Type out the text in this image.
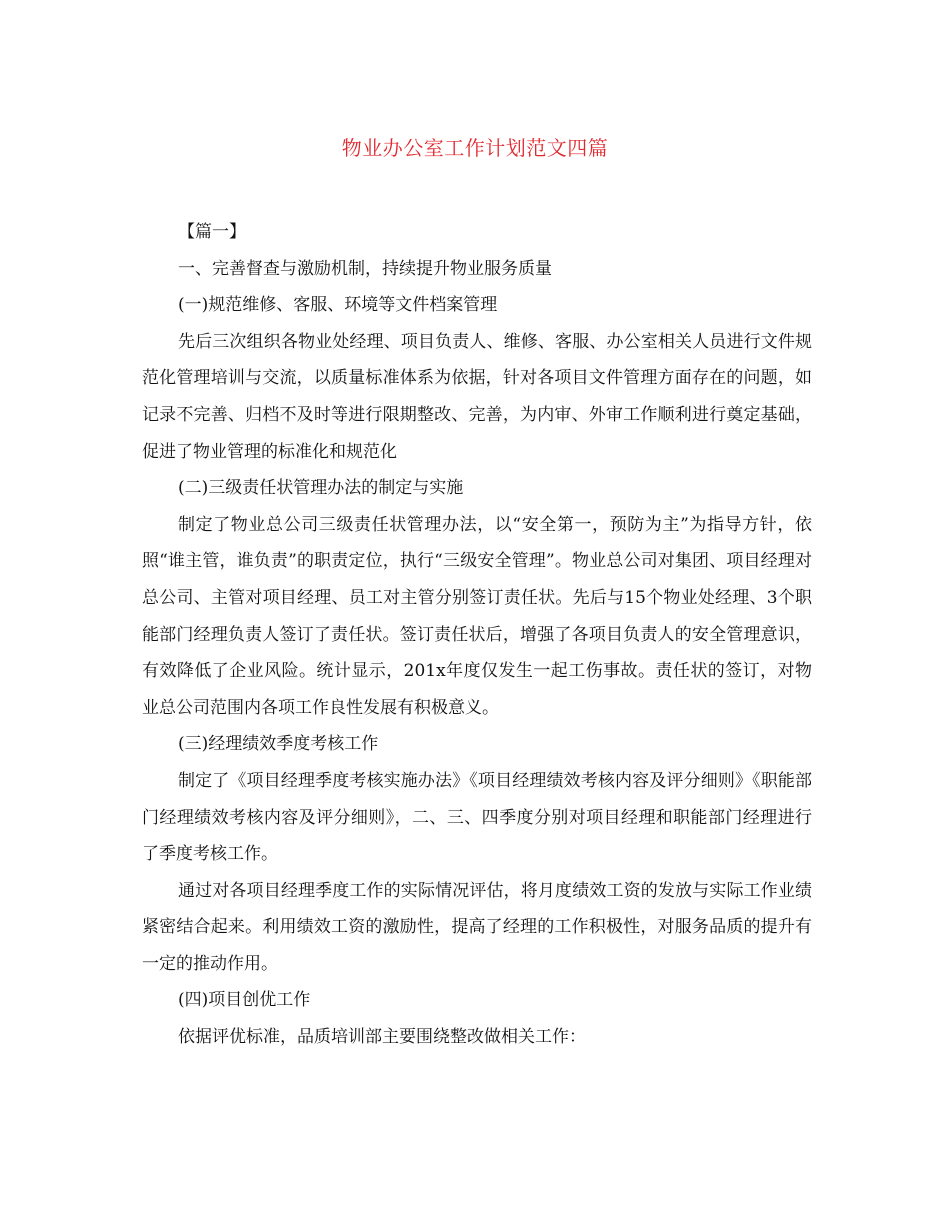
物业办公室工作计划范文四篇

【篇一】

一、完善督查与激励机制，持续提升物业服务质量

(一)规范维修、客服、环境等文件档案管理

先后三次组织各物业处经理、项目负责人、维修、客服、办公室相关人员进行文件规范化管理培训与交流，以质量标准体系为依据，针对各项目文件管理方面存在的问题，如记录不完善、归档不及时等进行限期整改、完善，为内审、外审工作顺利进行奠定基础，促进了物业管理的标准化和规范化

(二)三级责任状管理办法的制定与实施

制定了物业总公司三级责任状管理办法，以“安全第一，预防为主”为指导方针，依照“谁主管，谁负责”的职责定位，执行“三级安全管理”。物业总公司对集团、项目经理对总公司、主管对项目经理、员工对主管分别签订责任状。先后与15个物业处经理、3个职能部门经理负责人签订了责任状。签订责任状后，增强了各项目负责人的安全管理意识，有效降低了企业风险。统计显示，201x年度仅发生一起工伤事故。责任状的签订，对物业总公司范围内各项工作良性发展有积极意义。

(三)经理绩效季度考核工作

制定了《项目经理季度考核实施办法》《项目经理绩效考核内容及评分细则》《职能部门经理绩效考核内容及评分细则》，二、三、四季度分别对项目经理和职能部门经理进行了季度考核工作。

通过对各项目经理季度工作的实际情况评估，将月度绩效工资的发放与实际工作业绩紧密结合起来。利用绩效工资的激励性，提高了经理的工作积极性，对服务品质的提升有一定的推动作用。

(四)项目创优工作

依据评优标准，品质培训部主要围绕整改做相关工作：
